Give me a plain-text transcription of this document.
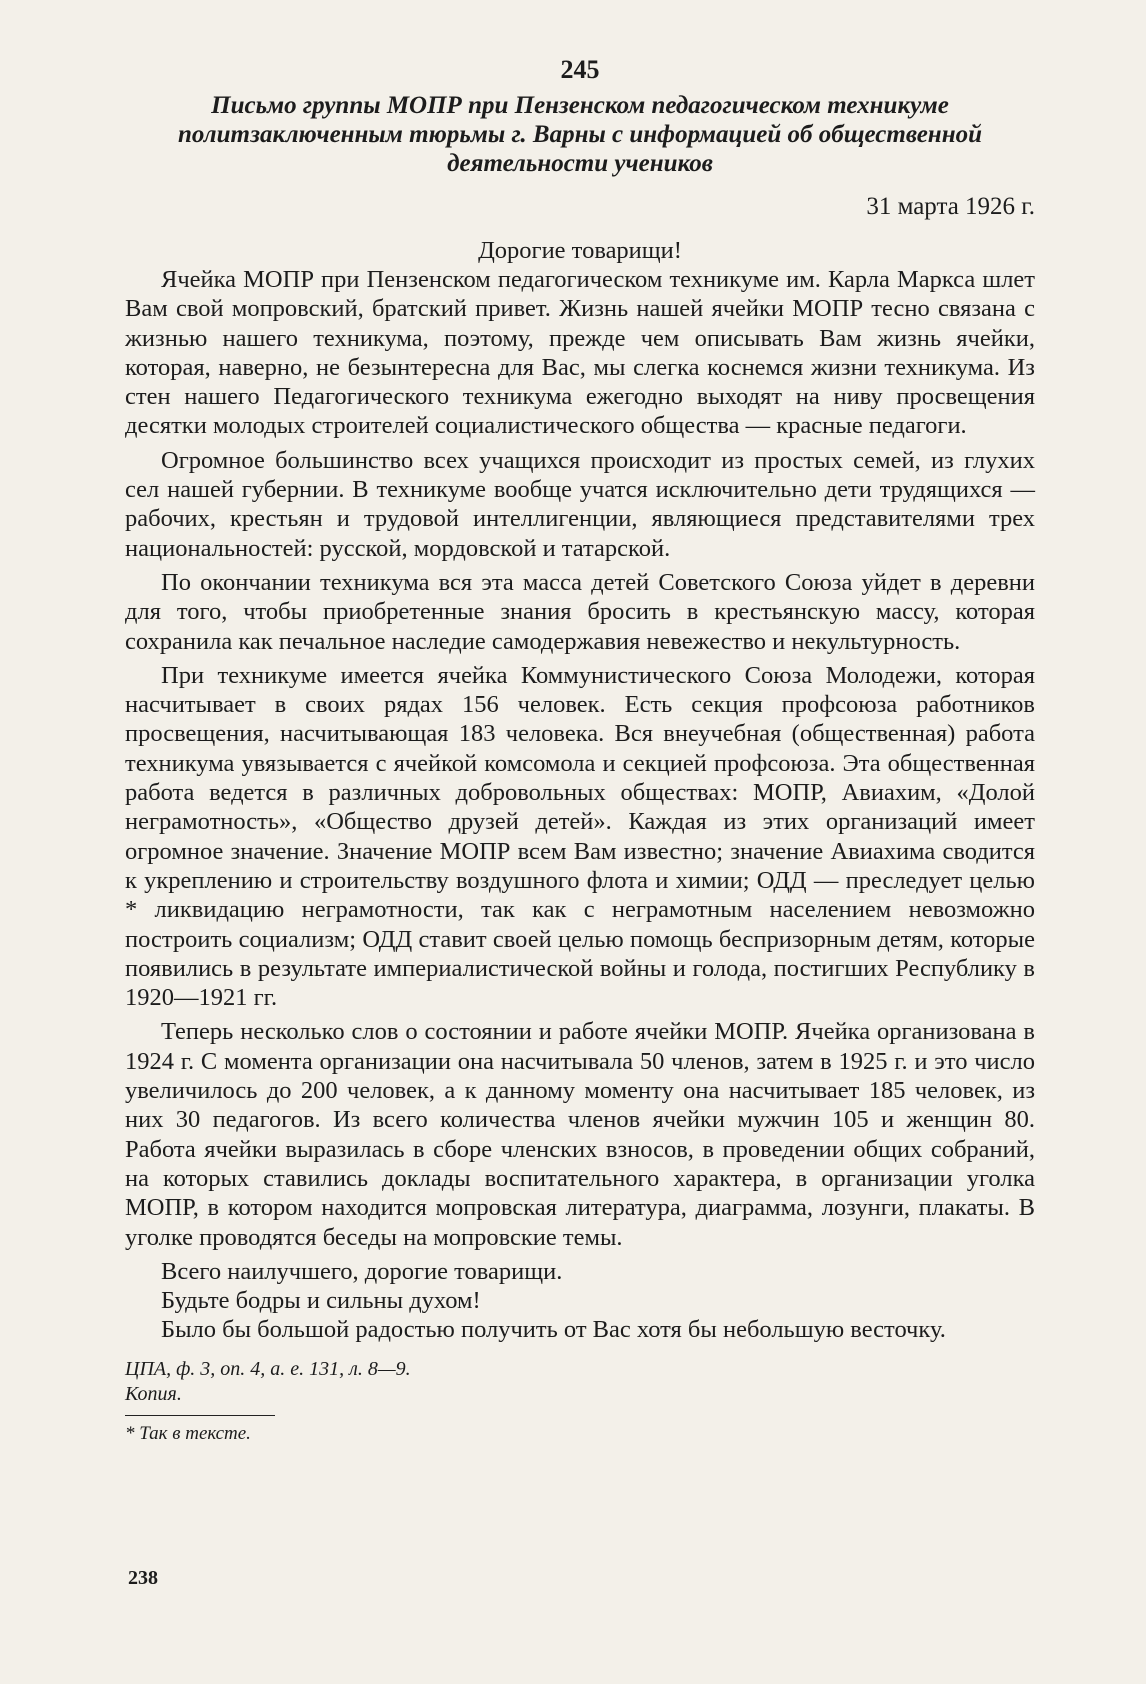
245

Письмо группы МОПР при Пензенском педагогическом техникуме политзаключенным тюрьмы г. Варны с информацией об общественной деятельности учеников

31 марта 1926 г.

Дорогие товарищи!

Ячейка МОПР при Пензенском педагогическом техникуме им. Карла Маркса шлет Вам свой мопровский, братский привет. Жизнь нашей ячейки МОПР тесно связана с жизнью нашего техникума, поэтому, прежде чем описывать Вам жизнь ячейки, которая, наверно, не безынтересна для Вас, мы слегка коснемся жизни техникума. Из стен нашего Педагогического техникума ежегодно выходят на ниву просвещения десятки молодых строителей социалистического общества — красные педагоги.

Огромное большинство всех учащихся происходит из простых семей, из глухих сел нашей губернии. В техникуме вообще учатся исключительно дети трудящихся — рабочих, крестьян и трудовой интеллигенции, являющиеся представителями трех национальностей: русской, мордовской и татарской.

По окончании техникума вся эта масса детей Советского Союза уйдет в деревни для того, чтобы приобретенные знания бросить в крестьянскую массу, которая сохранила как печальное наследие самодержавия невежество и некультурность.

При техникуме имеется ячейка Коммунистического Союза Молодежи, которая насчитывает в своих рядах 156 человек. Есть секция профсоюза работников просвещения, насчитывающая 183 человека. Вся внеучебная (общественная) работа техникума увязывается с ячейкой комсомола и секцией профсоюза. Эта общественная работа ведется в различных добровольных обществах: МОПР, Авиахим, «Долой неграмотность», «Общество друзей детей». Каждая из этих организаций имеет огромное значение. Значение МОПР всем Вам известно; значение Авиахима сводится к укреплению и строительству воздушного флота и химии; ОДД — преследует целью * ликвидацию неграмотности, так как с неграмотным населением невозможно построить социализм; ОДД ставит своей целью помощь беспризорным детям, которые появились в результате империалистической войны и голода, постигших Республику в 1920—1921 гг.

Теперь несколько слов о состоянии и работе ячейки МОПР. Ячейка организована в 1924 г. С момента организации она насчитывала 50 членов, затем в 1925 г. и это число увеличилось до 200 человек, а к данному моменту она насчитывает 185 человек, из них 30 педагогов. Из всего количества членов ячейки мужчин 105 и женщин 80. Работа ячейки выразилась в сборе членских взносов, в проведении общих собраний, на которых ставились доклады воспитательного характера, в организации уголка МОПР, в котором находится мопровская литература, диаграмма, лозунги, плакаты. В уголке проводятся беседы на мопровские темы.

Всего наилучшего, дорогие товарищи.

Будьте бодры и сильны духом!

Было бы большой радостью получить от Вас хотя бы небольшую весточку.

ЦПА, ф. 3, оп. 4, а. е. 131, л. 8—9.
Копия.

* Так в тексте.

238
